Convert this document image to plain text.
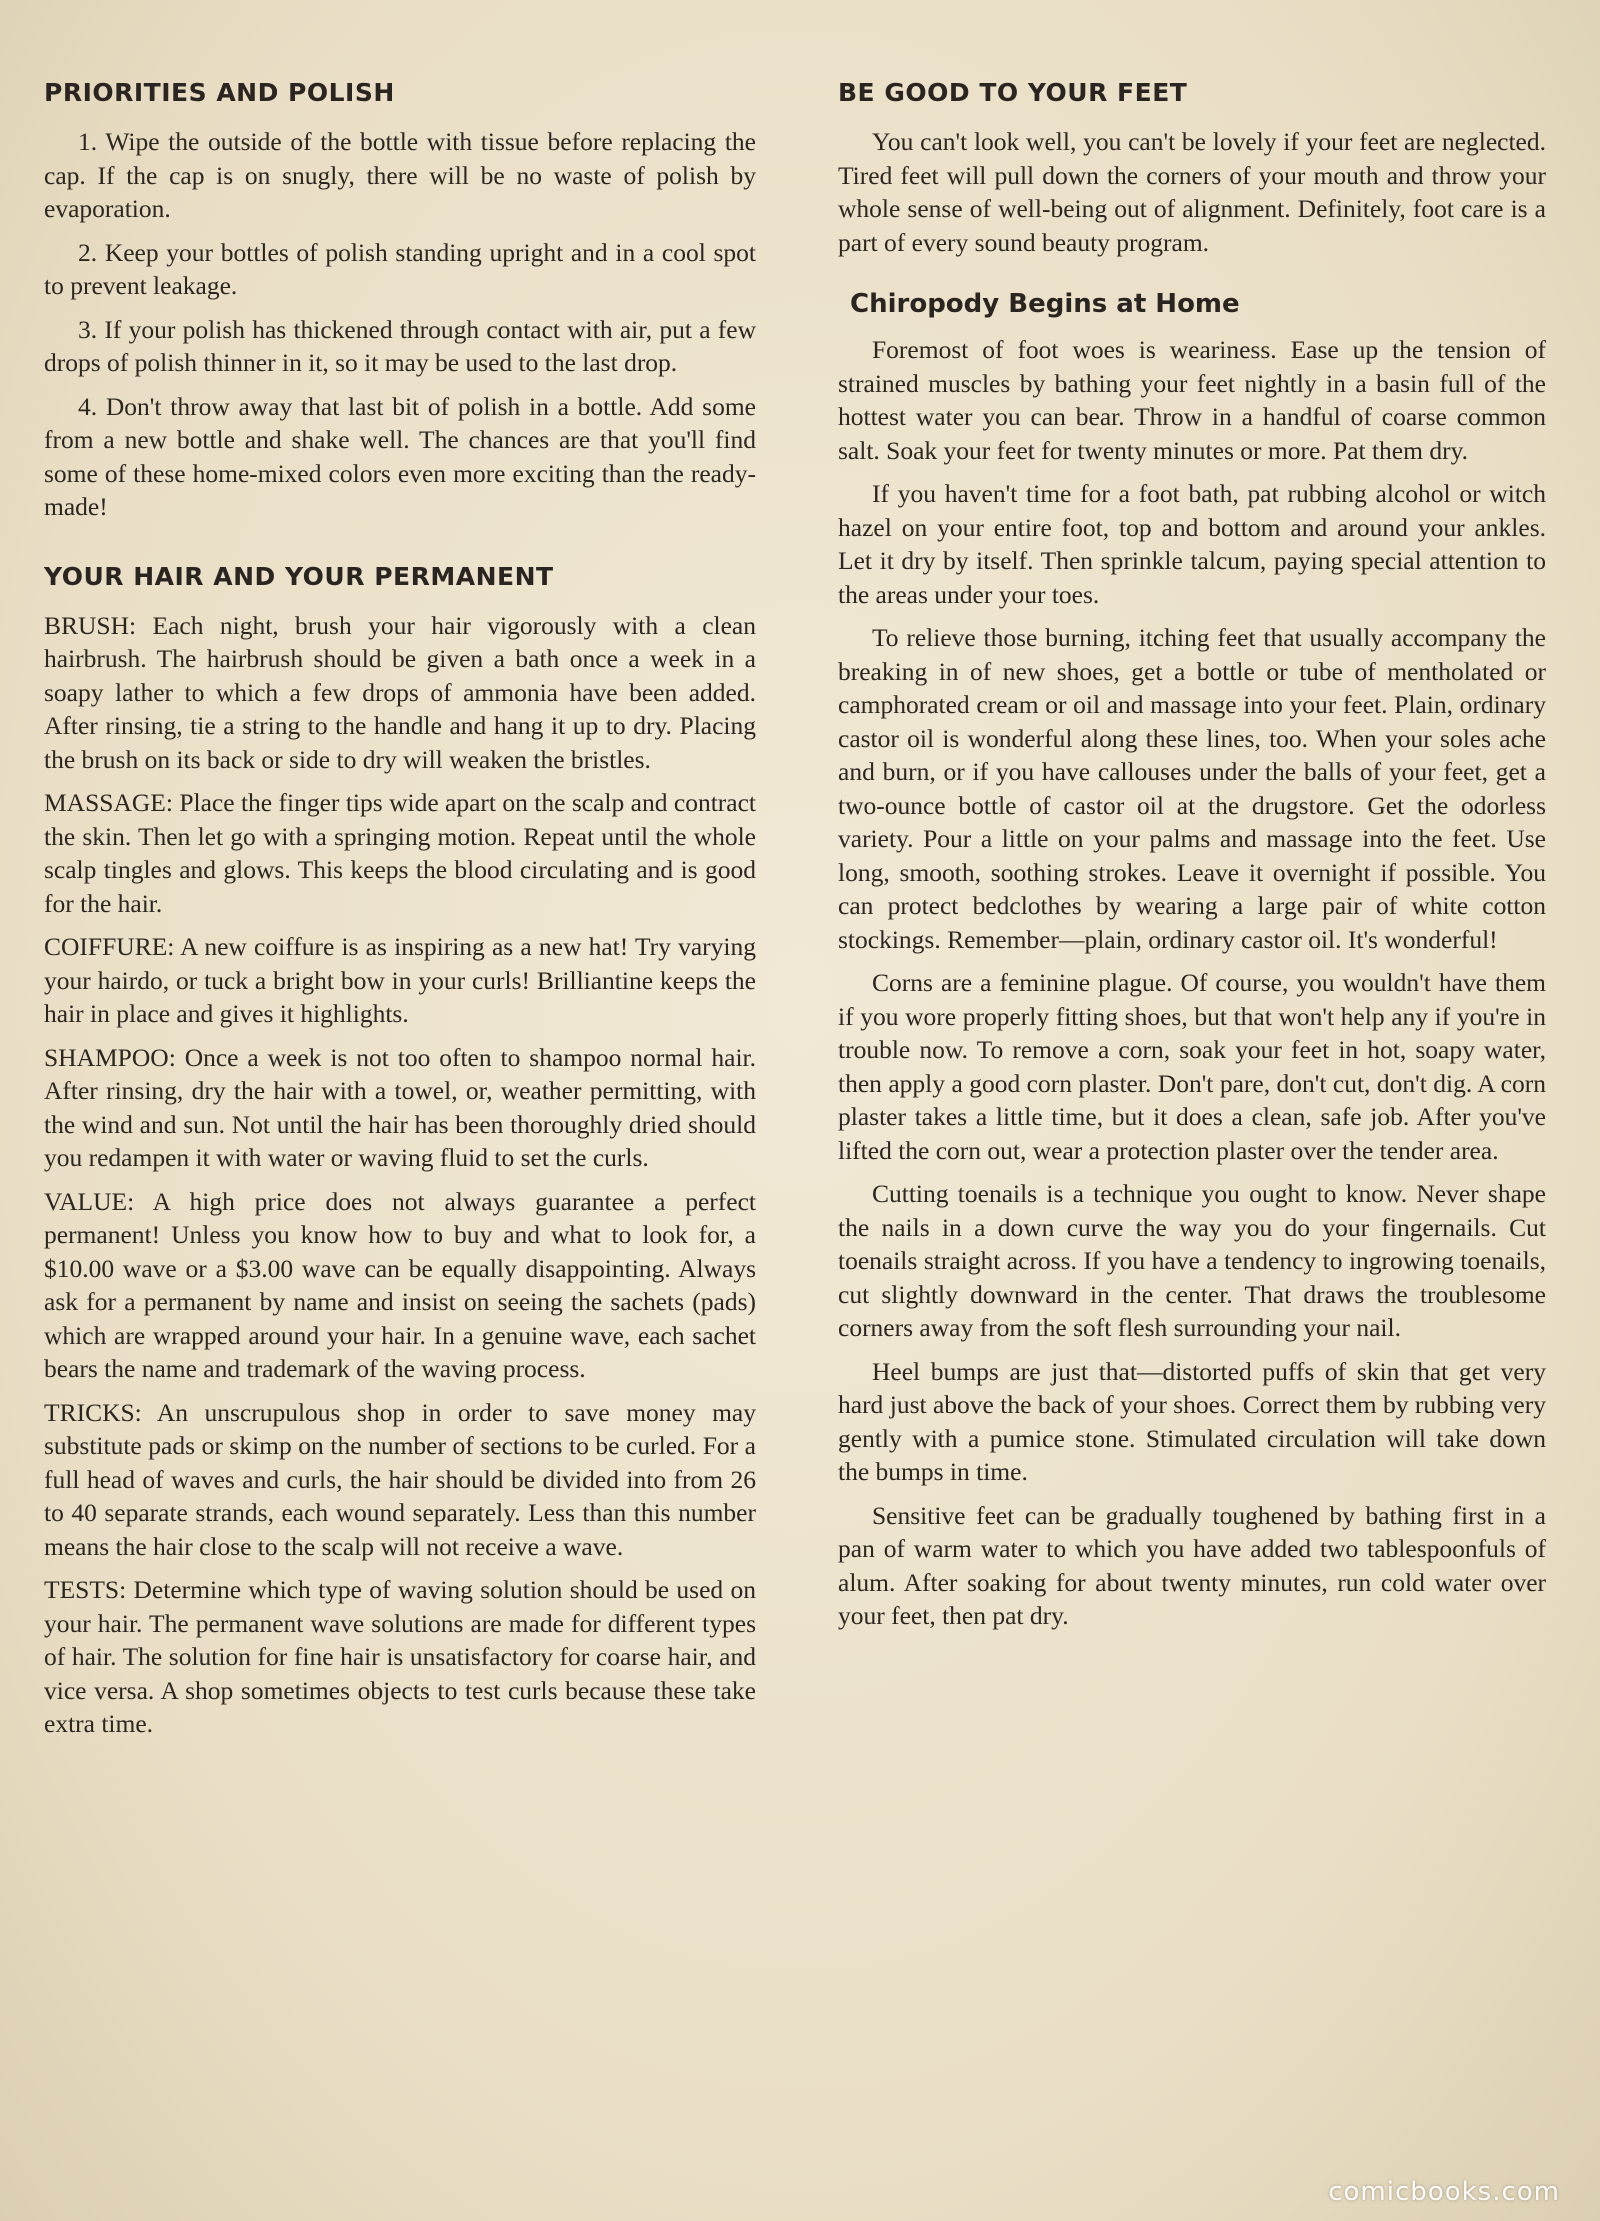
PRIORITIES AND POLISH

1. Wipe the outside of the bottle with tissue before replacing the cap. If the cap is on snugly, there will be no waste of polish by evaporation.

2. Keep your bottles of polish standing upright and in a cool spot to prevent leakage.

3. If your polish has thickened through contact with air, put a few drops of polish thinner in it, so it may be used to the last drop.

4. Don't throw away that last bit of polish in a bottle. Add some from a new bottle and shake well. The chances are that you'll find some of these home-mixed colors even more exciting than the ready-made!

YOUR HAIR AND YOUR PERMANENT

BRUSH: Each night, brush your hair vigorously with a clean hairbrush. The hairbrush should be given a bath once a week in a soapy lather to which a few drops of ammonia have been added. After rinsing, tie a string to the handle and hang it up to dry. Placing the brush on its back or side to dry will weaken the bristles.

MASSAGE: Place the finger tips wide apart on the scalp and contract the skin. Then let go with a springing motion. Repeat until the whole scalp tingles and glows. This keeps the blood circulating and is good for the hair.

COIFFURE: A new coiffure is as inspiring as a new hat! Try varying your hairdo, or tuck a bright bow in your curls! Brilliantine keeps the hair in place and gives it highlights.

SHAMPOO: Once a week is not too often to shampoo normal hair. After rinsing, dry the hair with a towel, or, weather permitting, with the wind and sun. Not until the hair has been thoroughly dried should you redampen it with water or waving fluid to set the curls.

VALUE: A high price does not always guarantee a perfect permanent! Unless you know how to buy and what to look for, a $10.00 wave or a $3.00 wave can be equally disappointing. Always ask for a permanent by name and insist on seeing the sachets (pads) which are wrapped around your hair. In a genuine wave, each sachet bears the name and trademark of the waving process.

TRICKS: An unscrupulous shop in order to save money may substitute pads or skimp on the number of sections to be curled. For a full head of waves and curls, the hair should be divided into from 26 to 40 separate strands, each wound separately. Less than this number means the hair close to the scalp will not receive a wave.

TESTS: Determine which type of waving solution should be used on your hair. The permanent wave solutions are made for different types of hair. The solution for fine hair is unsatisfactory for coarse hair, and vice versa. A shop sometimes objects to test curls because these take extra time.

BE GOOD TO YOUR FEET

You can't look well, you can't be lovely if your feet are neglected. Tired feet will pull down the corners of your mouth and throw your whole sense of well-being out of alignment. Definitely, foot care is a part of every sound beauty program.

Chiropody Begins at Home

Foremost of foot woes is weariness. Ease up the tension of strained muscles by bathing your feet nightly in a basin full of the hottest water you can bear. Throw in a handful of coarse common salt. Soak your feet for twenty minutes or more. Pat them dry.

If you haven't time for a foot bath, pat rubbing alcohol or witch hazel on your entire foot, top and bottom and around your ankles. Let it dry by itself. Then sprinkle talcum, paying special attention to the areas under your toes.

To relieve those burning, itching feet that usually accompany the breaking in of new shoes, get a bottle or tube of mentholated or camphorated cream or oil and massage into your feet. Plain, ordinary castor oil is wonderful along these lines, too. When your soles ache and burn, or if you have callouses under the balls of your feet, get a two-ounce bottle of castor oil at the drugstore. Get the odorless variety. Pour a little on your palms and massage into the feet. Use long, smooth, soothing strokes. Leave it overnight if possible. You can protect bedclothes by wearing a large pair of white cotton stockings. Remember—plain, ordinary castor oil. It's wonderful!

Corns are a feminine plague. Of course, you wouldn't have them if you wore properly fitting shoes, but that won't help any if you're in trouble now. To remove a corn, soak your feet in hot, soapy water, then apply a good corn plaster. Don't pare, don't cut, don't dig. A corn plaster takes a little time, but it does a clean, safe job. After you've lifted the corn out, wear a protection plaster over the tender area.

Cutting toenails is a technique you ought to know. Never shape the nails in a down curve the way you do your fingernails. Cut toenails straight across. If you have a tendency to ingrowing toenails, cut slightly downward in the center. That draws the troublesome corners away from the soft flesh surrounding your nail.

Heel bumps are just that—distorted puffs of skin that get very hard just above the back of your shoes. Correct them by rubbing very gently with a pumice stone. Stimulated circulation will take down the bumps in time.

Sensitive feet can be gradually toughened by bathing first in a pan of warm water to which you have added two tablespoonfuls of alum. After soaking for about twenty minutes, run cold water over your feet, then pat dry.

comicbooks.com
